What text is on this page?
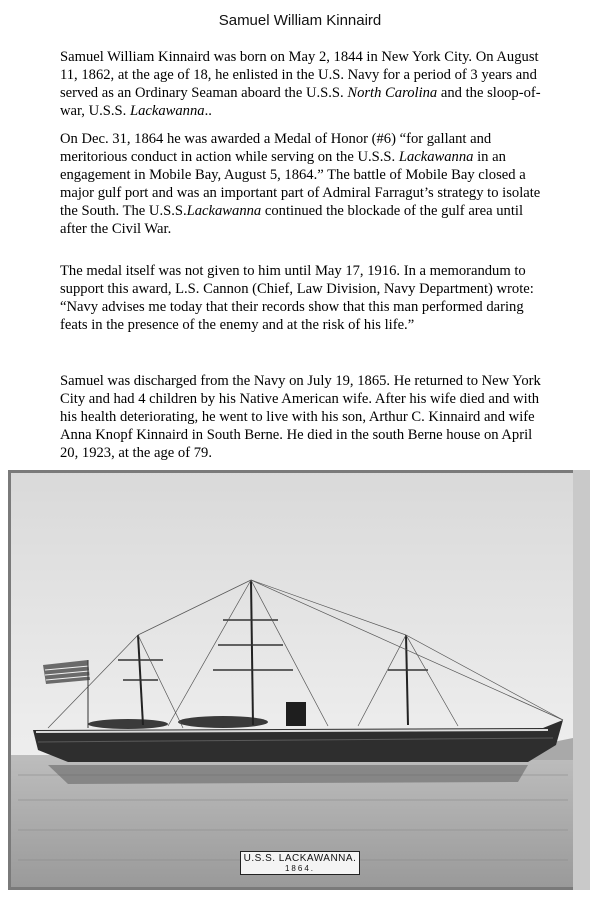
Samuel William Kinnaird

Samuel William Kinnaird was born on May 2, 1844 in New York City. On August 11, 1862, at the age of 18, he enlisted in the U.S. Navy for a period of 3 years and served as an Ordinary Seaman aboard the U.S.S. North Carolina and the sloop-of-war, U.S.S. Lackawanna..

On Dec. 31, 1864 he was awarded a Medal of Honor (#6) “for gallant and meritorious conduct in action while serving on the U.S.S. Lackawanna in an engagement in Mobile Bay, August 5, 1864.” The battle of Mobile Bay closed a major gulf port and was an important part of Admiral Farragut’s strategy to isolate the South. The U.S.S.Lackawanna continued the blockade of the gulf area until after the Civil War.

The medal itself was not given to him until May 17, 1916. In a memorandum to support this award, L.S. Cannon (Chief, Law Division, Navy Department) wrote: “Navy advises me today that their records show that this man performed daring feats in the presence of the enemy and at the risk of his life.”

Samuel was discharged from the Navy on July 19, 1865. He returned to New York City and had 4 children by his Native American wife. After his wife died and with his health deteriorating, he went to live with his son, Arthur C. Kinnaird and wife Anna Knopf Kinnaird in South Berne. He died in the south Berne house on April 20, 1923, at the age of 79.

U.S.S. LACKAWANNA.
1864.
